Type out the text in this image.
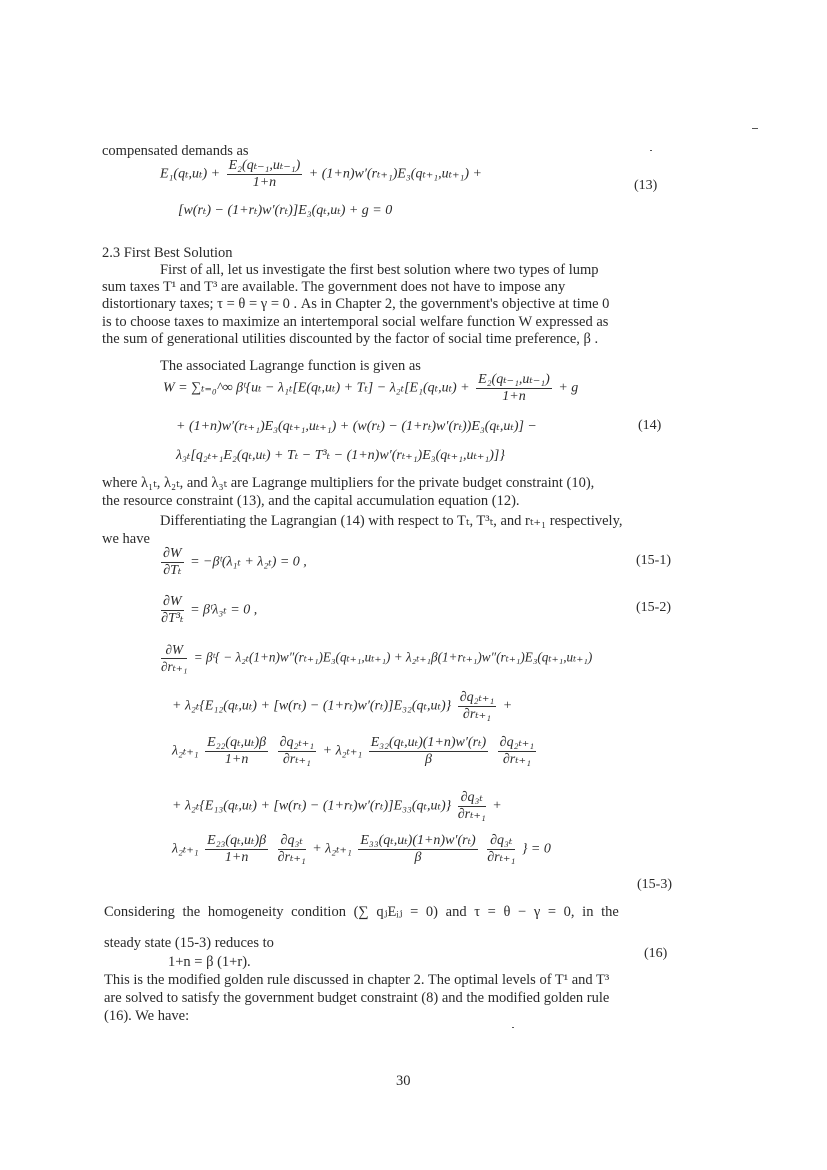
compensated demands as
$E_1(q_t,u_t) + \frac{\text{E₂(qₜ₋₁,uₜ₋₁)}}{1+n} + (1+n)w'(r_{t+1})E_3(q_{t+1},u_{t+1})$ +
[w(rₜ) − (1+rₜ)w′(rₜ)]E₃(qₜ,uₜ) + g = 0
(13)
2.3 First Best Solution
First of all, let us investigate the first best solution where two types of lump
sum taxes T¹ and T³ are available. The government does not have to impose any
distortionary taxes; τ = θ = γ = 0 . As in Chapter 2, the government's objective at time 0
is to choose taxes to maximize an intertemporal social welfare function W expressed as
the sum of generational utilities discounted by the factor of social time preference, β .
The associated Lagrange function is given as
W = ∑ₜ₌₀^∞ βᵗ{uₜ − $\lambda_{1t}[E(q_t,u_t) + T_t] - \lambda_{2t}[E_1(q_t,u_t) + \frac{\text{E₂(qₜ₋₁,uₜ₋₁)}}{1+n} + g$
+ (1+n)w′(rₜ₊₁)E₃(qₜ₊₁,uₜ₊₁) + (w(rₜ) − (1+rₜ)w′(rₜ))E₃(qₜ,uₜ)] −	(14)
λ₃ₜ[q₂ₜ₊₁E₂(qₜ,uₜ) + Tₜ − T³ₜ − (1+n)w′(rₜ₊₁)E₃(qₜ₊₁,uₜ₊₁)]}
where λ₁ₜ, λ₂ₜ, and λ₃ₜ are Lagrange multipliers for the private budget constraint (10),
the resource constraint (13), and the capital accumulation equation (12).
Differentiating the Lagrangian (14) with respect to Tₜ, T³ₜ, and rₜ₊₁ respectively,
we have
$\frac{\partial W}{\text{∂Tₜ}}$ = −βᵗ(λ₁ₜ + λ₂ₜ) = 0 ,	(15-1)
$\frac{\partial W}{\text{∂T³ₜ}}$ = βᵗλ₃ₜ = 0 ,	(15-2)
$\frac{\partial W}{\text{∂rₜ₊₁}}$ = βᵗ{ − λ₂ₜ(1+n)w″(rₜ₊₁)E₃(qₜ₊₁,uₜ₊₁) + λ₂ₜ₊₁β(1+rₜ₊₁)w″(rₜ₊₁)E₃(qₜ₊₁,uₜ₊₁)
+ $\lambda_{2t}\{E_{12}(q_t,u_t) + [w(r_t) - (1+r_t)w'(r_t)]E_{32}(q_t,u_t)\} \frac{\text{∂q₂ₜ₊₁}}{\text{∂rₜ₊₁}}$ +
$\lambda_{2t+1} \frac{\text{E₂₂(qₜ,uₜ)β}}{1+n}$
$\frac{\text{∂q₂ₜ₊₁}}{\text{∂rₜ₊₁}} + \lambda_{2t+1} \frac{\text{E₃₂(qₜ,uₜ)(1+n)w′(rₜ)}}{\beta}$
$\frac{\text{∂q₂ₜ₊₁}}{\text{∂rₜ₊₁}}$
+ $\lambda_{2t}\{E_{13}(q_t,u_t) + [w(r_t) - (1+r_t)w'(r_t)]E_{33}(q_t,u_t)\} \frac{\text{∂q₃ₜ}}{\text{∂rₜ₊₁}}$ +
$\lambda_{2t+1} \frac{\text{E₂₃(qₜ,uₜ)β}}{1+n}$
$\frac{\text{∂q₃ₜ}}{\text{∂rₜ₊₁}} + \lambda_{2t+1} \frac{\text{E₃₃(qₜ,uₜ)(1+n)w′(rₜ)}}{\beta}$
$\frac{\text{∂q₃ₜ}}{\text{∂rₜ₊₁}}$ } = 0
(15-3)
Considering the homogeneity condition (∑ qⱼEᵢⱼ = 0) and τ = θ − γ = 0, in the
steady state (15-3) reduces to
1+n = β (1+r).
(16)
This is the modified golden rule discussed in chapter 2. The optimal levels of T¹ and T³
are solved to satisfy the government budget constraint (8) and the modified golden rule
(16). We have:
30
